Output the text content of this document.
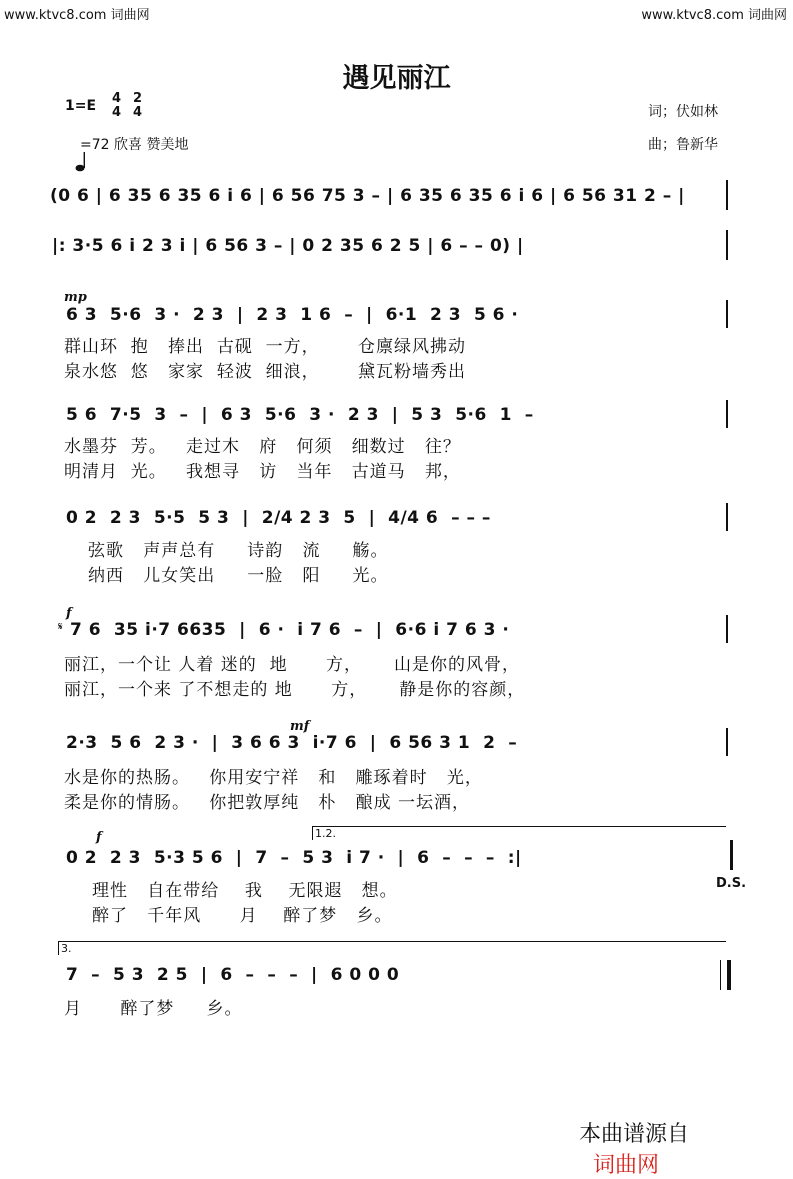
www.ktvc8.com 词曲网	www.ktvc8.com 词曲网
遇见丽江
1=E 4
4
2
4	词；伏如林

=72 欣喜 赞美地	曲；鲁新华
(0 6 | 6 35 6 35 6 i 6 | 6 56 75 3 – | 6 35 6 35 6 i 6 | 6 56 31 2 – |
|: 3·5 6 i 2 3 i | 6 56 3 – | 0 2 35 6 2 5 | 6 – – 0) |
mp
6 3  5·6  3 ·  2 3  |  2 3  1 6  –  |  6·1  2 3  5 6 ·
群山环  抱   捧出  古砚  一方，      仓廪绿风拂动
泉水悠  悠   家家  轻波  细浪，      黛瓦粉墙秀出
5 6  7·5  3  –  |  6 3  5·6  3 ·  2 3  |  5 3  5·6  1  –
水墨芬  芳。   走过木   府   何须   细数过   往？
明清月  光。   我想寻   访   当年   古道马   邦，
0 2  2 3  5·5  5 3  |  2/4 2 3  5  |  4/4 6  – – –
弦歌   声声总有     诗韵   流     觞。
纳西   儿女笑出     一脸   阳     光。
f
𝄋 7 6  35 i·7 6635  |  6 ·  i 7 6  –  |  6·6 i 7 6 3 ·
丽江，一个让 人着 迷的  地      方，     山是你的风骨，
丽江，一个来 了不想走的 地      方，     静是你的容颜，
mf
2·3  5 6  2 3 ·  |  3 6 6 3  i·7 6  |  6 56 3 1  2  –
水是你的热肠。   你用安宁祥   和   雕琢着时   光，
柔是你的情肠。   你把敦厚纯   朴   酿成 一坛酒，
1.2.
f
0 2  2 3  5·3 5 6  |  7  –  5 3  i 7 ·  |  6  –  –  –  :|
理性   自在带给    我    无限遐   想。
醉了   千年风      月    醉了梦   乡。
D.S.
3.
7  –  5 3  2 5  |  6  –  –  –  |  6 0 0 0
月      醉了梦     乡。

本曲谱源自
词曲网
